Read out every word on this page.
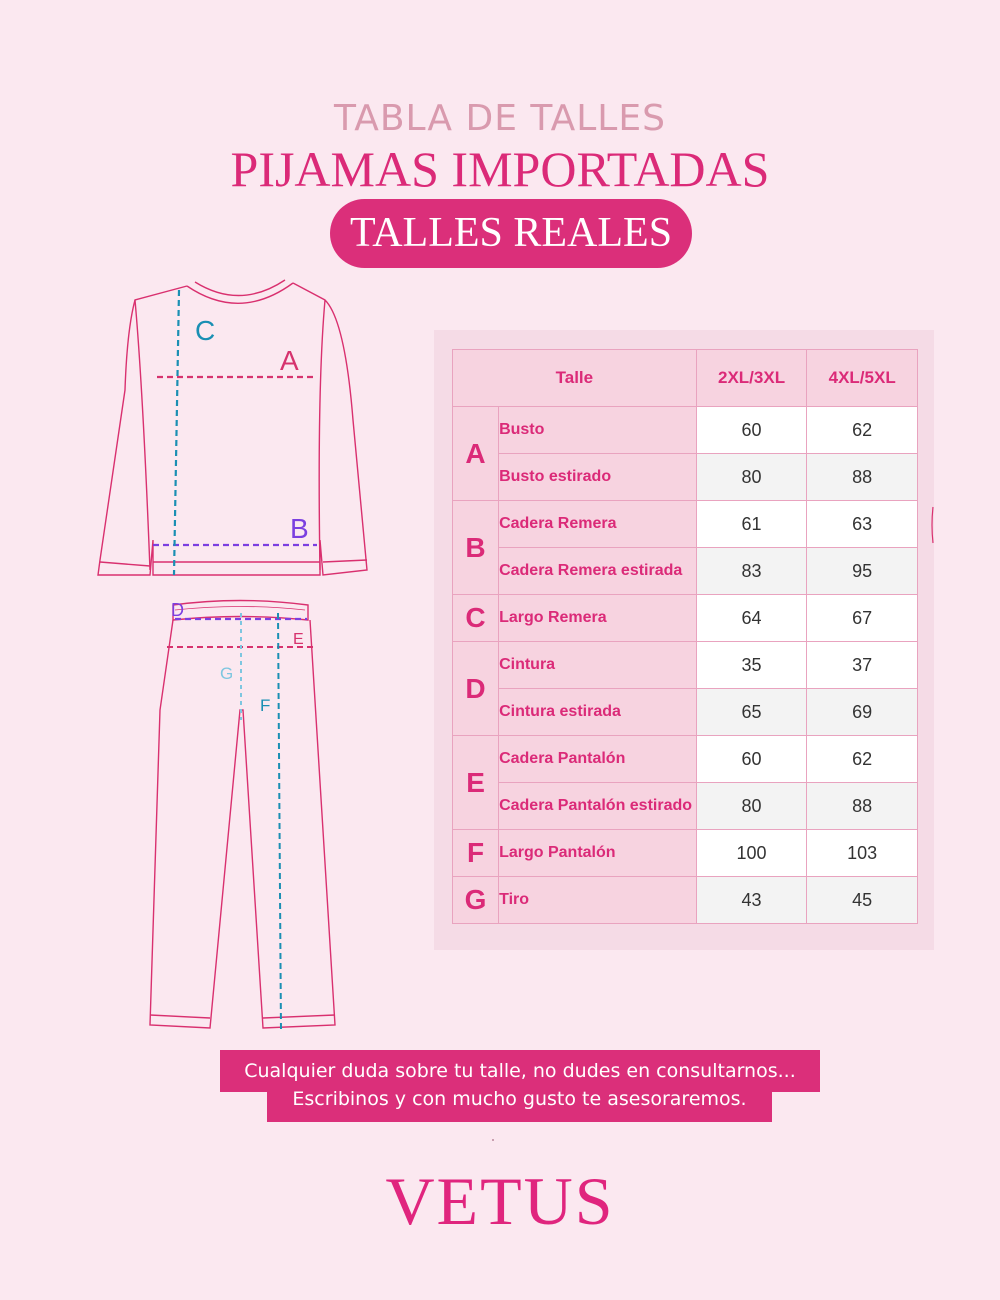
TABLA DE TALLES
PIJAMAS IMPORTADAS
TALLES REALES
C
A
B
D
E
G
F
Talle		2XL/3XL	4XL/5XL
A	Busto	60	62
	Busto estirado	80	88
B	Cadera Remera	61	63
	Cadera Remera estirada	83	95
C	Largo Remera	64	67
D	Cintura	35	37
	Cintura estirada	65	69
E	Cadera Pantalón	60	62
	Cadera Pantalón estirado	80	88
F	Largo Pantalón	100	103
G	Tiro	43	45
Cualquier duda sobre tu talle, no dudes en consultarnos...
Escribinos y con mucho gusto te asesoraremos.
VETUS
